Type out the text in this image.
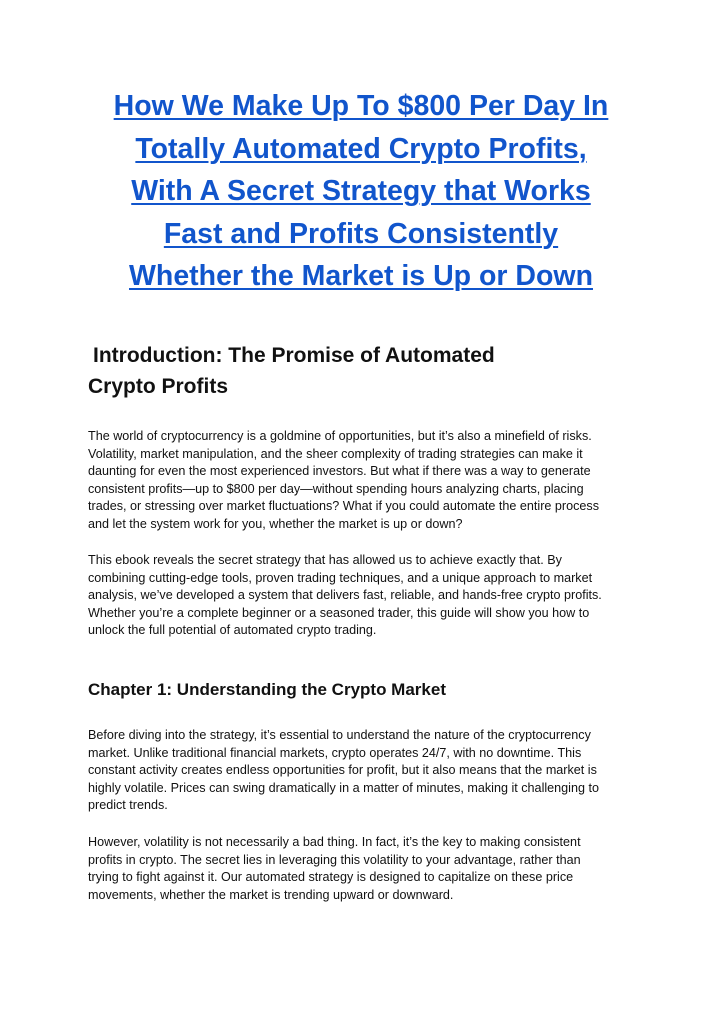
How We Make Up To $800 Per Day In
Totally Automated Crypto Profits,
With A Secret Strategy that Works
Fast and Profits Consistently
Whether the Market is Up or Down
Introduction: The Promise of Automated
Crypto Profits

The world of cryptocurrency is a goldmine of opportunities, but it’s also a minefield of risks.
Volatility, market manipulation, and the sheer complexity of trading strategies can make it
daunting for even the most experienced investors. But what if there was a way to generate
consistent profits—up to $800 per day—without spending hours analyzing charts, placing
trades, or stressing over market fluctuations? What if you could automate the entire process
and let the system work for you, whether the market is up or down?

This ebook reveals the secret strategy that has allowed us to achieve exactly that. By
combining cutting-edge tools, proven trading techniques, and a unique approach to market
analysis, we’ve developed a system that delivers fast, reliable, and hands-free crypto profits.
Whether you’re a complete beginner or a seasoned trader, this guide will show you how to
unlock the full potential of automated crypto trading.

Chapter 1: Understanding the Crypto Market

Before diving into the strategy, it’s essential to understand the nature of the cryptocurrency
market. Unlike traditional financial markets, crypto operates 24/7, with no downtime. This
constant activity creates endless opportunities for profit, but it also means that the market is
highly volatile. Prices can swing dramatically in a matter of minutes, making it challenging to
predict trends.

However, volatility is not necessarily a bad thing. In fact, it’s the key to making consistent
profits in crypto. The secret lies in leveraging this volatility to your advantage, rather than
trying to fight against it. Our automated strategy is designed to capitalize on these price
movements, whether the market is trending upward or downward.
